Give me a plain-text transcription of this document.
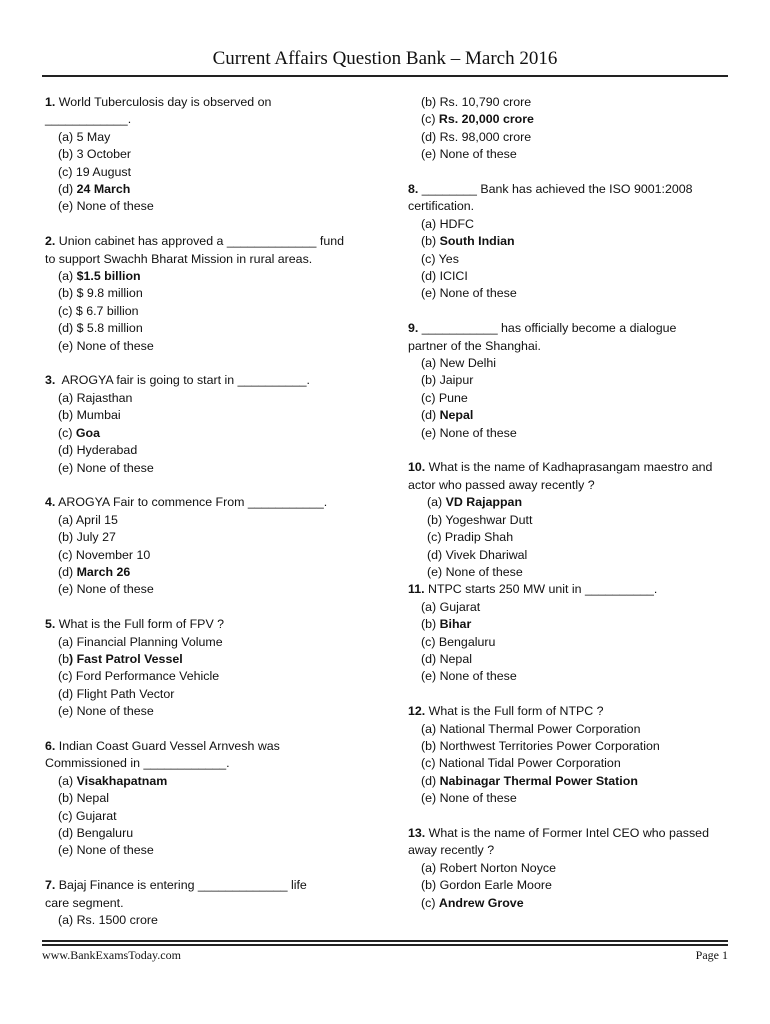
Current Affairs Question Bank – March 2016
1. World Tuberculosis day is observed on
____________.
(a) 5 May
(b) 3 October
(c) 19 August
(d) 24 March
(e) None of these
2. Union cabinet has approved a _____________ fund
to support Swachh Bharat Mission in rural areas.
(a) $1.5 billion
(b) $ 9.8 million
(c) $ 6.7 billion
(d) $ 5.8 million
(e) None of these
3.  AROGYA fair is going to start in __________.
(a) Rajasthan
(b) Mumbai
(c) Goa
(d) Hyderabad
(e) None of these
4. AROGYA Fair to commence From ___________.
(a) April 15
(b) July 27
(c) November 10
(d) March 26
(e) None of these
5. What is the Full form of FPV ?
(a) Financial Planning Volume
(b) Fast Patrol Vessel
(c) Ford Performance Vehicle
(d) Flight Path Vector
(e) None of these
6. Indian Coast Guard Vessel Arnvesh was
Commissioned in ____________.
(a) Visakhapatnam
(b) Nepal
(c) Gujarat
(d) Bengaluru
(e) None of these
7. Bajaj Finance is entering _____________ life
care segment.
(a) Rs. 1500 crore
(b) Rs. 10,790 crore
(c) Rs. 20,000 crore
(d) Rs. 98,000 crore
(e) None of these
8. ________ Bank has achieved the ISO 9001:2008
certification.
(a) HDFC
(b) South Indian
(c) Yes
(d) ICICI
(e) None of these
9. ___________ has officially become a dialogue
partner of the Shanghai.
(a) New Delhi
(b) Jaipur
(c) Pune
(d) Nepal
(e) None of these
10. What is the name of Kadhaprasangam maestro and
actor who passed away recently ?
(a) VD Rajappan
(b) Yogeshwar Dutt
(c) Pradip Shah
(d) Vivek Dhariwal
(e) None of these
11. NTPC starts 250 MW unit in __________.
(a) Gujarat
(b) Bihar
(c) Bengaluru
(d) Nepal
(e) None of these
12. What is the Full form of NTPC ?
(a) National Thermal Power Corporation
(b) Northwest Territories Power Corporation
(c) National Tidal Power Corporation
(d) Nabinagar Thermal Power Station
(e) None of these
13. What is the name of Former Intel CEO who passed
away recently ?
(a) Robert Norton Noyce
(b) Gordon Earle Moore
(c) Andrew Grove
www.BankExamsToday.com	Page 1
